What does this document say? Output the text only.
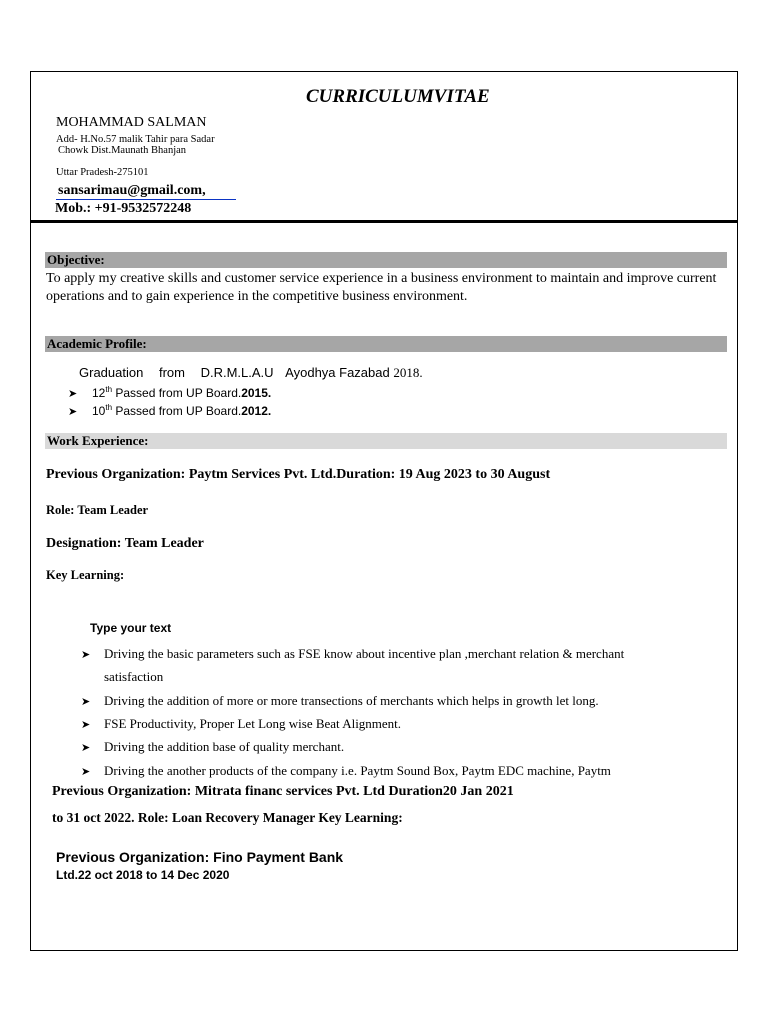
CURRICULUMVITAE
MOHAMMAD SALMAN
Add- H.No.57 malik Tahir para Sadar
Chowk Dist.Maunath Bhanjan
Uttar Pradesh-275101
sansarimau@gmail.com,
Mob.: +91-9532572248
Objective:
To apply my creative skills and customer service experience in a business environment to maintain and improve current operations and to gain experience in the competitive business environment.
Academic Profile:
Graduation from D.R.M.L.A.U Ayodhya Fazabad 2018.
➤ 12th Passed from UP Board.2015.
➤ 10th Passed from UP Board.2012.
Work Experience:
Previous Organization: Paytm Services Pvt. Ltd.Duration: 19 Aug 2023 to 30 August
Role: Team Leader
Designation: Team Leader
Key Learning:
Type your text
➤ Driving the basic parameters such as FSE know about incentive plan ,merchant relation & merchant
satisfaction
➤ Driving the addition of more or more transections of merchants which helps in growth let long.
➤ FSE Productivity, Proper Let Long wise Beat Alignment.
➤ Driving the addition base of quality merchant.
➤ Driving the another products of the company i.e. Paytm Sound Box, Paytm EDC machine, Paytm
Previous Organization: Mitrata financ services Pvt. Ltd Duration20 Jan 2021
to 31 oct 2022. Role: Loan Recovery Manager Key Learning:
Previous Organization: Fino Payment Bank
Ltd.22 oct 2018 to 14 Dec 2020
